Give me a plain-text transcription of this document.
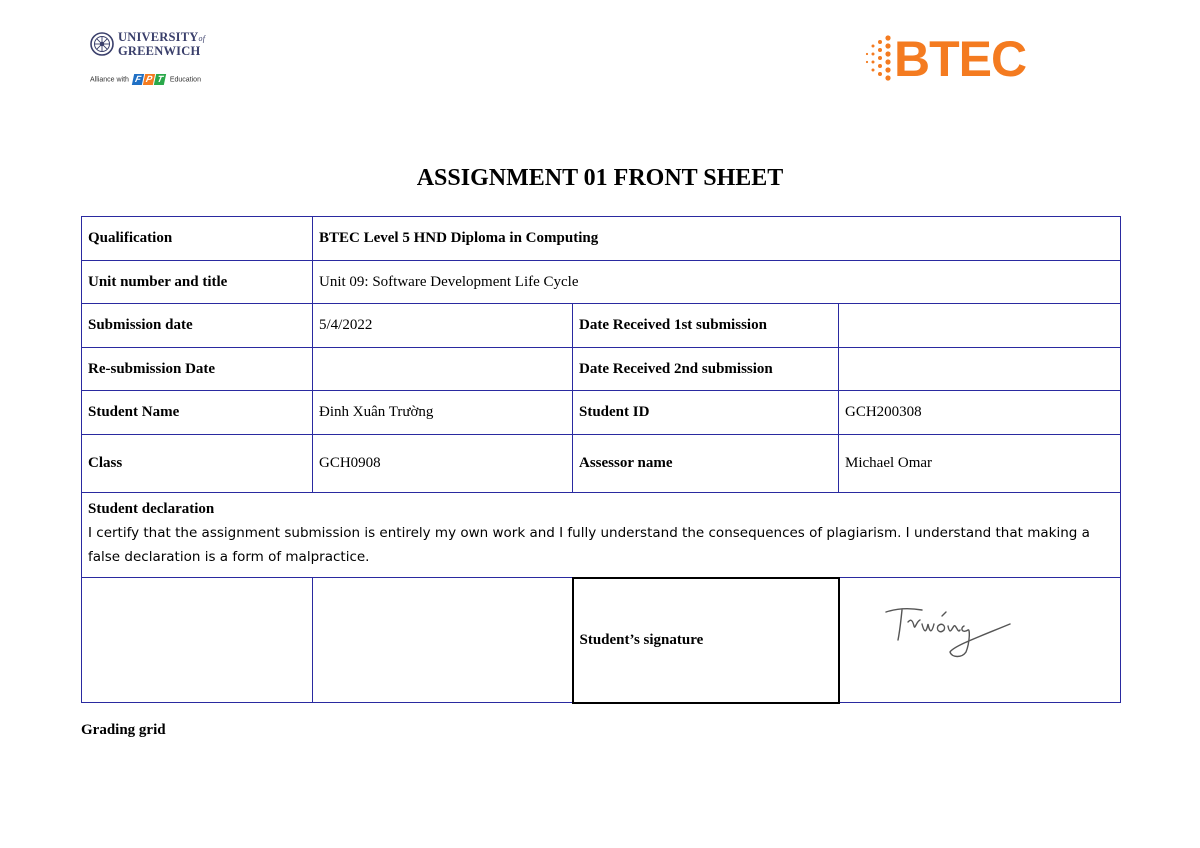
UNIVERSITYof
GREENWICH
Alliance with F P T Education	BTEC
ASSIGNMENT 01 FRONT SHEET
Qualification	BTEC Level 5 HND Diploma in Computing		
Unit number and title	Unit 09: Software Development Life Cycle		
Submission date	5/4/2022	Date Received 1st submission	
Re-submission Date		Date Received 2nd submission	
Student Name	Đinh Xuân Trường	Student ID	GCH200308
Class	GCH0908	Assessor name	Michael Omar

Student declaration
I certify that the assignment submission is entirely my own work and I fully understand the consequences of plagiarism. I understand that making a false declaration is a form of malpractice.			

		Student’s signature	
Grading grid
